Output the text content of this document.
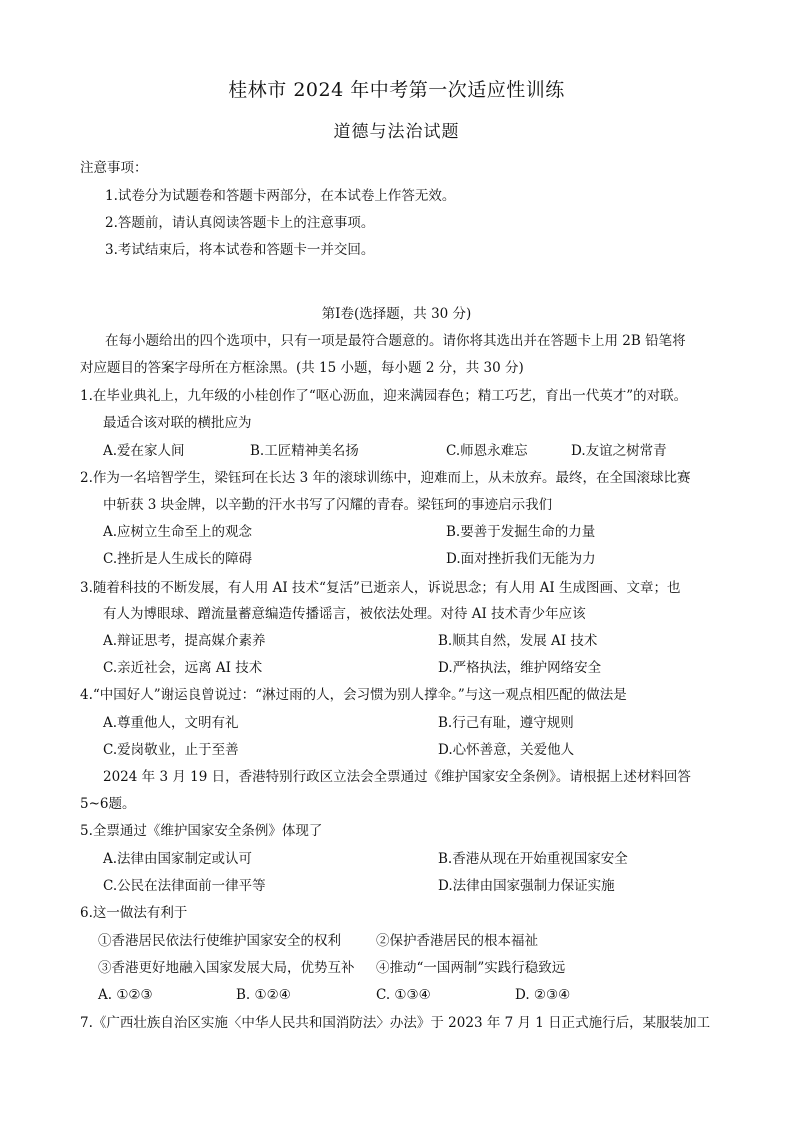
桂林市 2024 年中考第一次适应性训练
道德与法治试题
注意事项：
1.试卷分为试题卷和答题卡两部分，在本试卷上作答无效。
2.答题前，请认真阅读答题卡上的注意事项。
3.考试结束后，将本试卷和答题卡一并交回。
第Ⅰ卷(选择题，共 30 分)
在每小题给出的四个选项中，只有一项是最符合题意的。请你将其选出并在答题卡上用 2B 铅笔将
对应题目的答案字母所在方框涂黑。(共 15 小题，每小题 2 分，共 30 分)
1.在毕业典礼上，九年级的小桂创作了“呕心沥血，迎来满园春色；精工巧艺，育出一代英才”的对联。
最适合该对联的横批应为
A.爱在家人间	B.工匠精神美名扬	C.师恩永难忘	D.友谊之树常青
2.作为一名培智学生，梁钰珂在长达 3 年的滚球训练中，迎难而上，从未放弃。最终，在全国滚球比赛
中斩获 3 块金牌，以辛勤的汗水书写了闪耀的青春。梁钰珂的事迹启示我们
A.应树立生命至上的观念	B.要善于发掘生命的力量
C.挫折是人生成长的障碍	D.面对挫折我们无能为力
3.随着科技的不断发展，有人用 AI 技术“复活”已逝亲人，诉说思念；有人用 AI 生成图画、文章；也
有人为博眼球、蹭流量蓄意编造传播谣言，被依法处理。对待 AI 技术青少年应该
A.辩证思考，提高媒介素养	B.顺其自然，发展 AI 技术
C.亲近社会，远离 AI 技术	D.严格执法，维护网络安全
4.“中国好人”谢运良曾说过：“淋过雨的人，会习惯为别人撑伞。”与这一观点相匹配的做法是
A.尊重他人，文明有礼	B.行己有耻，遵守规则
C.爱岗敬业，止于至善	D.心怀善意，关爱他人
2024 年 3 月 19 日，香港特别行政区立法会全票通过《维护国家安全条例》。请根据上述材料回答
5~6题。
5.全票通过《维护国家安全条例》体现了
A.法律由国家制定或认可	B.香港从现在开始重视国家安全
C.公民在法律面前一律平等	D.法律由国家强制力保证实施
6.这一做法有利于
①香港居民依法行使维护国家安全的权利	②保护香港居民的根本福祉
③香港更好地融入国家发展大局，优势互补 ④推动“一国两制”实践行稳致远
A. ①②③	B. ①②④	C. ①③④	D. ②③④
7.《广西壮族自治区实施〈中华人民共和国消防法〉办法》于 2023 年 7 月 1 日正式施行后，某服装加工
